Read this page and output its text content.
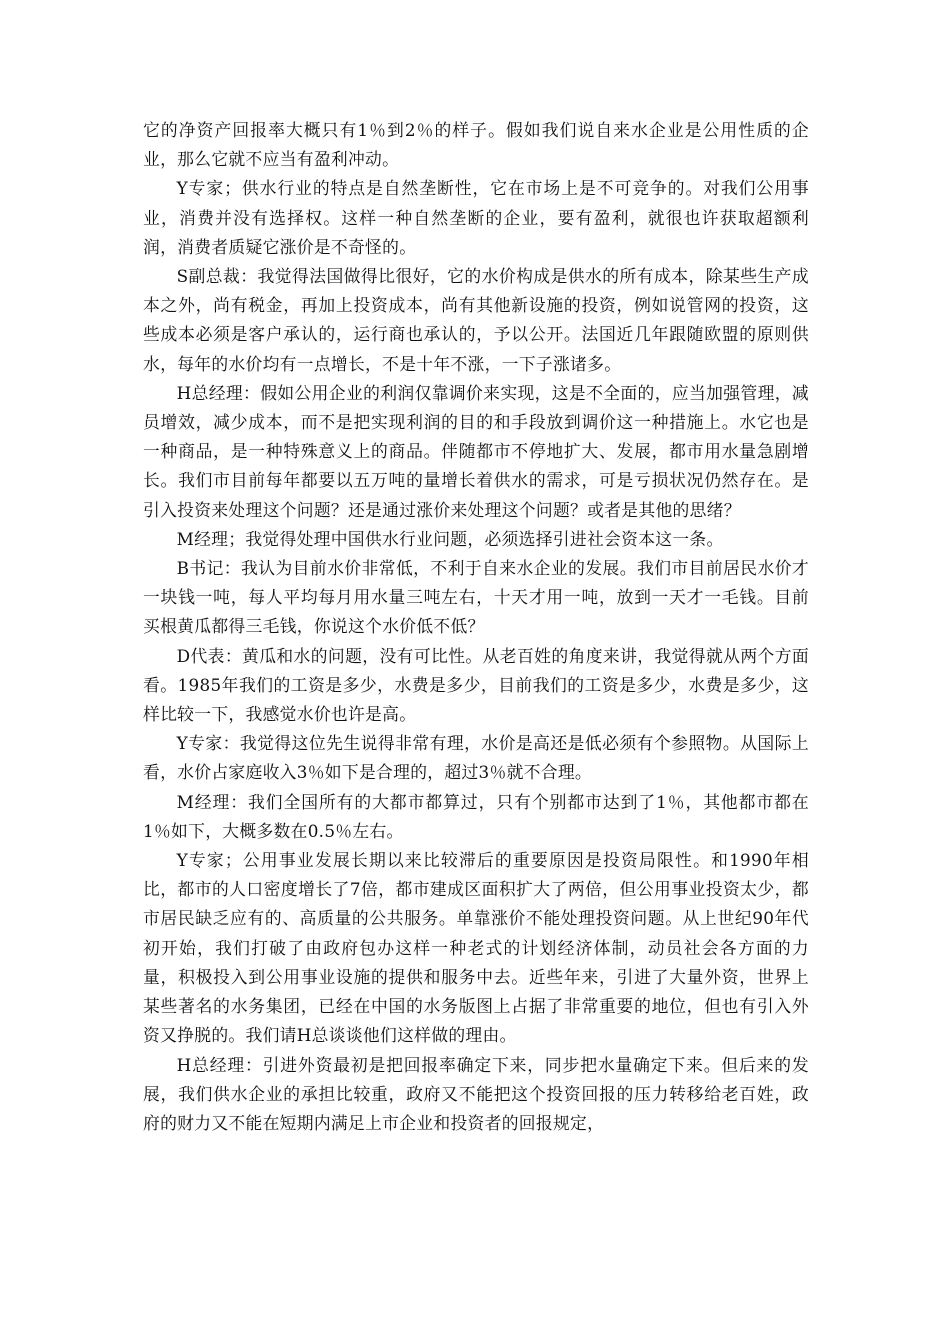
它的净资产回报率大概只有1％到2％的样子。假如我们说自来水企业是公用性质的企业，那么它就不应当有盈利冲动。

Y专家；供水行业的特点是自然垄断性，它在市场上是不可竞争的。对我们公用事业，消费并没有选择权。这样一种自然垄断的企业，要有盈利，就很也许获取超额利润，消费者质疑它涨价是不奇怪的。

S副总裁：我觉得法国做得比很好，它的水价构成是供水的所有成本，除某些生产成本之外，尚有税金，再加上投资成本，尚有其他新设施的投资，例如说管网的投资，这些成本必须是客户承认的，运行商也承认的，予以公开。法国近几年跟随欧盟的原则供水，每年的水价均有一点增长，不是十年不涨，一下子涨诸多。

H总经理：假如公用企业的利润仅靠调价来实现，这是不全面的，应当加强管理，减员增效，减少成本，而不是把实现利润的目的和手段放到调价这一种措施上。水它也是一种商品，是一种特殊意义上的商品。伴随都市不停地扩大、发展，都市用水量急剧增长。我们市目前每年都要以五万吨的量增长着供水的需求，可是亏损状况仍然存在。是引入投资来处理这个问题？还是通过涨价来处理这个问题？或者是其他的思绪？

M经理；我觉得处理中国供水行业问题，必须选择引进社会资本这一条。

B书记：我认为目前水价非常低，不利于自来水企业的发展。我们市目前居民水价才一块钱一吨，每人平均每月用水量三吨左右，十天才用一吨，放到一天才一毛钱。目前买根黄瓜都得三毛钱，你说这个水价低不低？

D代表：黄瓜和水的问题，没有可比性。从老百姓的角度来讲，我觉得就从两个方面看。1985年我们的工资是多少，水费是多少，目前我们的工资是多少，水费是多少，这样比较一下，我感觉水价也许是高。

Y专家：我觉得这位先生说得非常有理，水价是高还是低必须有个参照物。从国际上看，水价占家庭收入3％如下是合理的，超过3％就不合理。

M经理：我们全国所有的大都市都算过，只有个别都市达到了1％，其他都市都在1％如下，大概多数在0.5％左右。

Y专家；公用事业发展长期以来比较滞后的重要原因是投资局限性。和1990年相比，都市的人口密度增长了7倍，都市建成区面积扩大了两倍，但公用事业投资太少，都市居民缺乏应有的、高质量的公共服务。单靠涨价不能处理投资问题。从上世纪90年代初开始，我们打破了由政府包办这样一种老式的计划经济体制，动员社会各方面的力量，积极投入到公用事业设施的提供和服务中去。近些年来，引进了大量外资，世界上某些著名的水务集团，已经在中国的水务版图上占据了非常重要的地位，但也有引入外资又挣脱的。我们请H总谈谈他们这样做的理由。

H总经理：引进外资最初是把回报率确定下来，同步把水量确定下来。但后来的发展，我们供水企业的承担比较重，政府又不能把这个投资回报的压力转移给老百姓，政府的财力又不能在短期内满足上市企业和投资者的回报规定，
